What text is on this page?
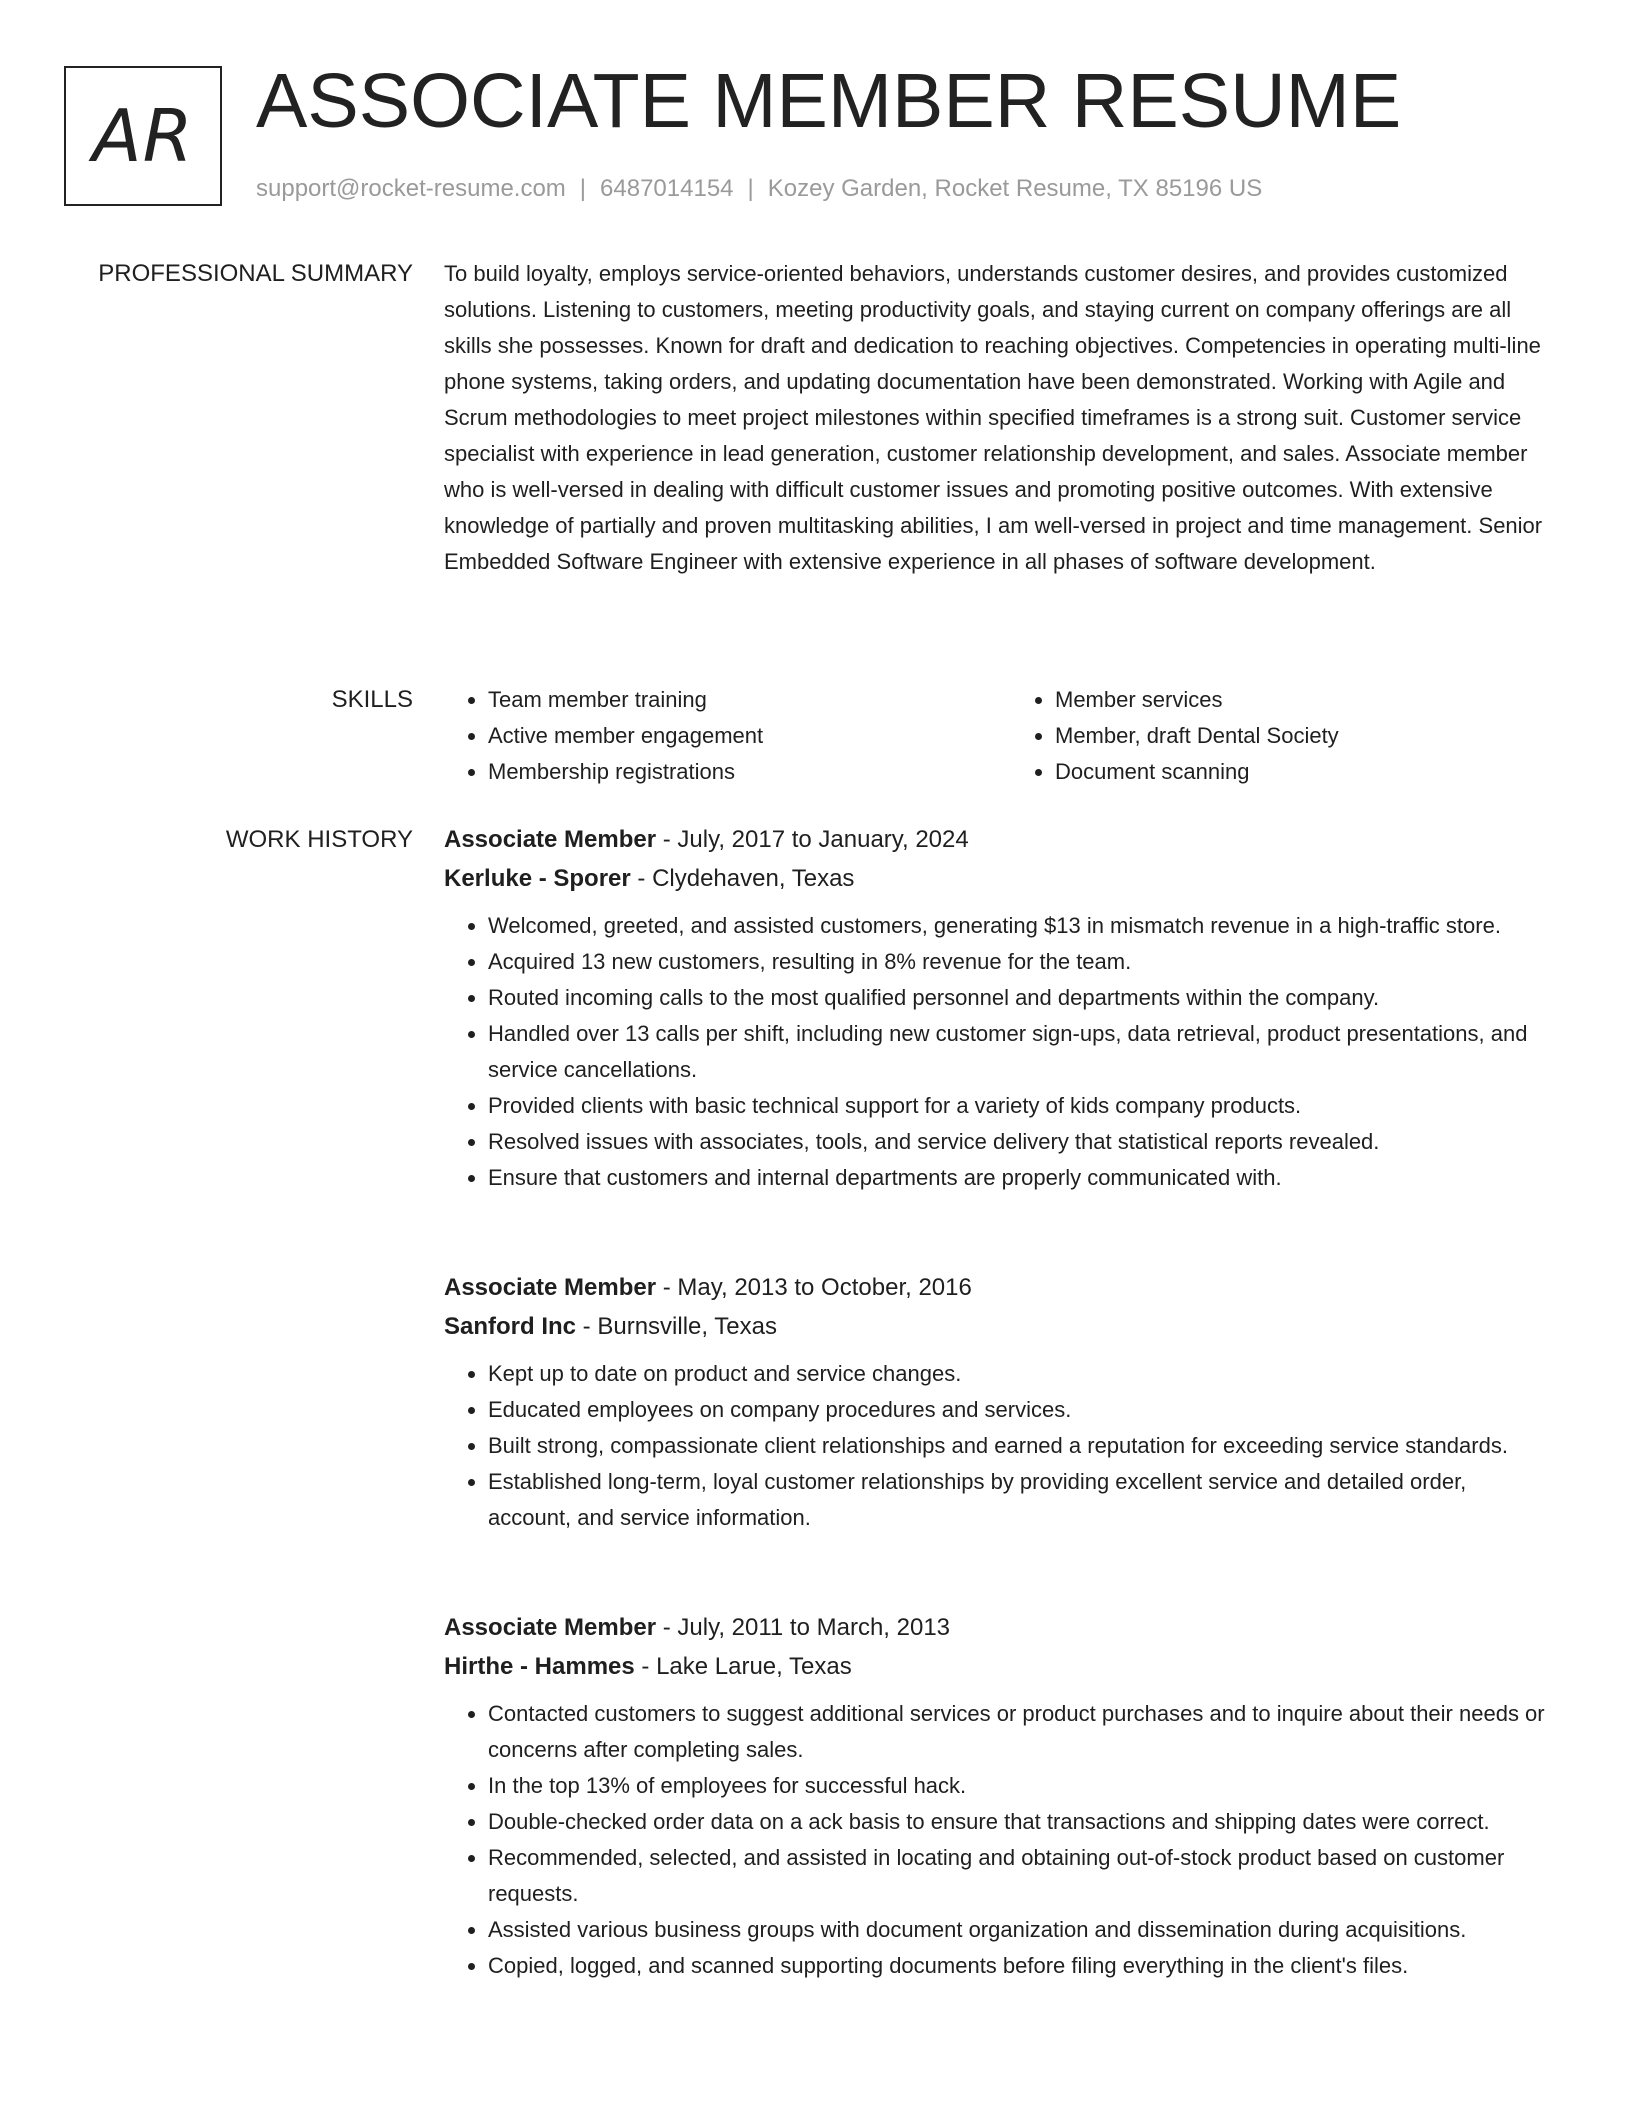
AR ASSOCIATE MEMBER RESUME
support@rocket-resume.com | 6487014154 | Kozey Garden, Rocket Resume, TX 85196 US
PROFESSIONAL SUMMARY To build loyalty, employs service-oriented behaviors, understands customer desires, and provides customized solutions. Listening to customers, meeting productivity goals, and staying current on company offerings are all skills she possesses. Known for draft and dedication to reaching objectives. Competencies in operating multi-line phone systems, taking orders, and updating documentation have been demonstrated. Working with Agile and Scrum methodologies to meet project milestones within specified timeframes is a strong suit. Customer service specialist with experience in lead generation, customer relationship development, and sales. Associate member who is well-versed in dealing with difficult customer issues and promoting positive outcomes. With extensive knowledge of partially and proven multitasking abilities, I am well-versed in project and time management. Senior Embedded Software Engineer with extensive experience in all phases of software development.

SKILLS
•	Team member training
• Active member engagement
• Membership registrations
• Member services
• Member, draft Dental Society
• Document scanning
WORK HISTORY Associate Member - July, 2017 to January, 2024

Kerluke - Sporer - Clydehaven, Texas

• Welcomed, greeted, and assisted customers, generating $13 in mismatch revenue in a high-traffic store.
• Acquired 13 new customers, resulting in 8% revenue for the team.
• Routed incoming calls to the most qualified personnel and departments within the company.
• Handled over 13 calls per shift, including new customer sign-ups, data retrieval, product presentations, and service cancellations.
• Provided clients with basic technical support for a variety of kids company products.
• Resolved issues with associates, tools, and service delivery that statistical reports revealed.
• Ensure that customers and internal departments are properly communicated with.

Associate Member - May, 2013 to October, 2016

Sanford Inc - Burnsville, Texas

• Kept up to date on product and service changes.
• Educated employees on company procedures and services.
• Built strong, compassionate client relationships and earned a reputation for exceeding service standards.
• Established long-term, loyal customer relationships by providing excellent service and detailed order, account, and service information.

Associate Member - July, 2011 to March, 2013

Hirthe - Hammes - Lake Larue, Texas

• Contacted customers to suggest additional services or product purchases and to inquire about their needs or concerns after completing sales.
• In the top 13% of employees for successful hack.
• Double-checked order data on a ack basis to ensure that transactions and shipping dates were correct.
• Recommended, selected, and assisted in locating and obtaining out-of-stock product based on customer requests.
• Assisted various business groups with document organization and dissemination during acquisitions.
• Copied, logged, and scanned supporting documents before filing everything in the client's files.
